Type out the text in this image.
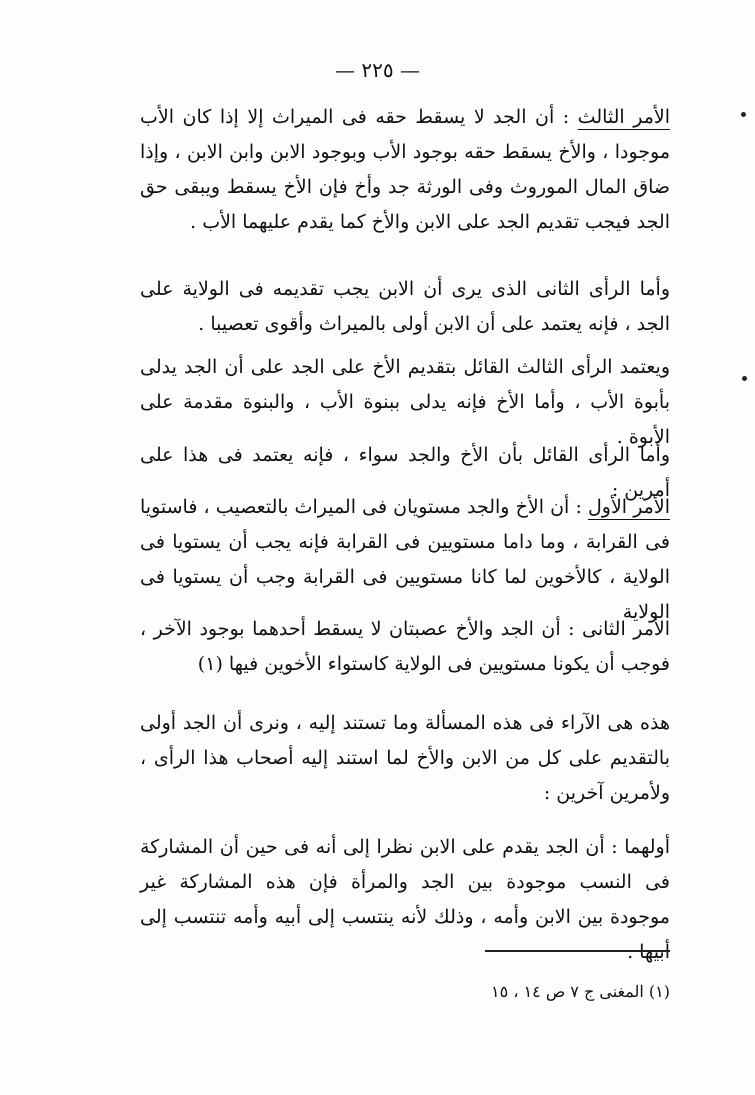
— ٢٢٥ —

الأمر الثالث : أن الجد لا يسقط حقه فى الميراث إلا إذا كان الأب موجودا ، والأخ يسقط حقه بوجود الأب وبوجود الابن وابن الابن ، وإذا ضاق المال الموروث وفى الورثة جد وأخ فإن الأخ يسقط ويبقى حق الجد فيجب تقديم الجد على الابن والأخ كما يقدم عليهما الأب .

وأما الرأى الثانى الذى يرى أن الابن يجب تقديمه فى الولاية على الجد ، فإنه يعتمد على أن الابن أولى بالميراث وأقوى تعصيبا .

ويعتمد الرأى الثالث القائل بتقديم الأخ على الجد على أن الجد يدلى بأبوة الأب ، وأما الأخ فإنه يدلى ببنوة الأب ، والبنوة مقدمة على الأبوة .

وأما الرأى القائل بأن الأخ والجد سواء ، فإنه يعتمد فى هذا على أمرين :

الأمر الأول : أن الأخ والجد مستويان فى الميراث بالتعصيب ، فاستويا فى القرابة ، وما داما مستويين فى القرابة فإنه يجب أن يستويا فى الولاية ، كالأخوين لما كانا مستويين فى القرابة وجب أن يستويا فى الولاية

الأمر الثانى : أن الجد والأخ عصبتان لا يسقط أحدهما بوجود الآخر ، فوجب أن يكونا مستويين فى الولاية كاستواء الأخوين فيها (١)

هذه هى الآراء فى هذه المسألة وما تستند إليه ، ونرى أن الجد أولى بالتقديم على كل من الابن والأخ لما استند إليه أصحاب هذا الرأى ، ولأمرين آخرين :

أولهما : أن الجد يقدم على الابن نظرا إلى أنه فى حين أن المشاركة فى النسب موجودة بين الجد والمرأة فإن هذه المشاركة غير موجودة بين الابن وأمه ، وذلك لأنه ينتسب إلى أبيه وأمه تنتسب إلى أبيها .

(١) المغنى ج ٧ ص ١٤ ، ١٥
